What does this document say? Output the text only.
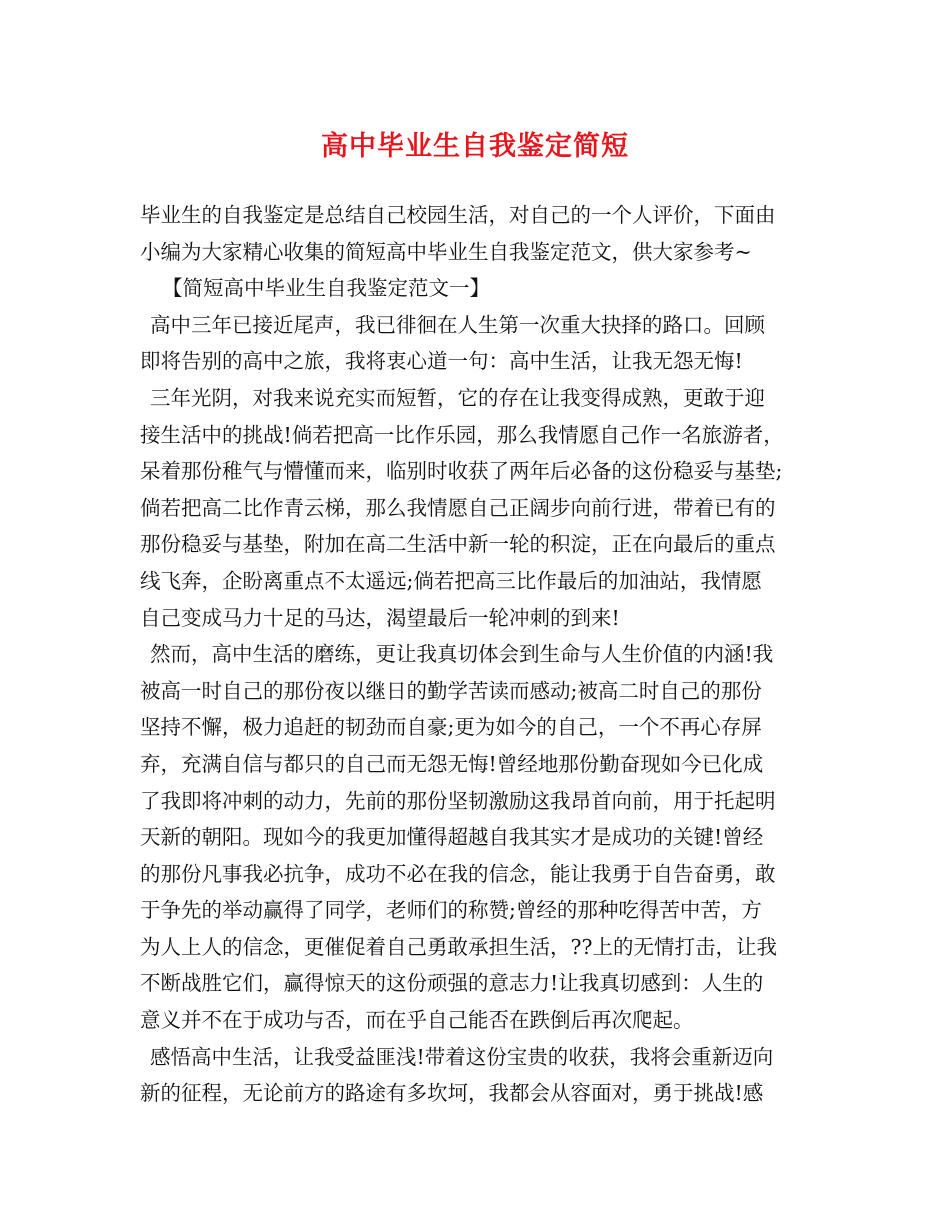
高中毕业生自我鉴定简短
毕业生的自我鉴定是总结自己校园生活，对自己的一个人评价，下面由
小编为大家精心收集的简短高中毕业生自我鉴定范文，供大家参考~
【简短高中毕业生自我鉴定范文一】
高中三年已接近尾声，我已徘徊在人生第一次重大抉择的路口。回顾
即将告别的高中之旅，我将衷心道一句：高中生活，让我无怨无悔!
三年光阴，对我来说充实而短暂，它的存在让我变得成熟，更敢于迎
接生活中的挑战!倘若把高一比作乐园，那么我情愿自己作一名旅游者，
呆着那份稚气与懵懂而来，临别时收获了两年后必备的这份稳妥与基垫;
倘若把高二比作青云梯，那么我情愿自己正阔步向前行进，带着已有的
那份稳妥与基垫，附加在高二生活中新一轮的积淀，正在向最后的重点
线飞奔，企盼离重点不太遥远;倘若把高三比作最后的加油站，我情愿
自己变成马力十足的马达，渴望最后一轮冲刺的到来!
然而，高中生活的磨练，更让我真切体会到生命与人生价值的内涵!我
被高一时自己的那份夜以继日的勤学苦读而感动;被高二时自己的那份
坚持不懈，极力追赶的韧劲而自豪;更为如今的自己，一个不再心存屏
弃，充满自信与都只的自己而无怨无悔!曾经地那份勤奋现如今已化成
了我即将冲刺的动力，先前的那份坚韧激励这我昂首向前，用于托起明
天新的朝阳。现如今的我更加懂得超越自我其实才是成功的关键!曾经
的那份凡事我必抗争，成功不必在我的信念，能让我勇于自告奋勇，敢
于争先的举动赢得了同学，老师们的称赞;曾经的那种吃得苦中苦，方
为人上人的信念，更催促着自己勇敢承担生活，??上的无情打击，让我
不断战胜它们，赢得惊天的这份顽强的意志力!让我真切感到：人生的
意义并不在于成功与否，而在乎自己能否在跌倒后再次爬起。
感悟高中生活，让我受益匪浅!带着这份宝贵的收获，我将会重新迈向
新的征程，无论前方的路途有多坎坷，我都会从容面对，勇于挑战!感
